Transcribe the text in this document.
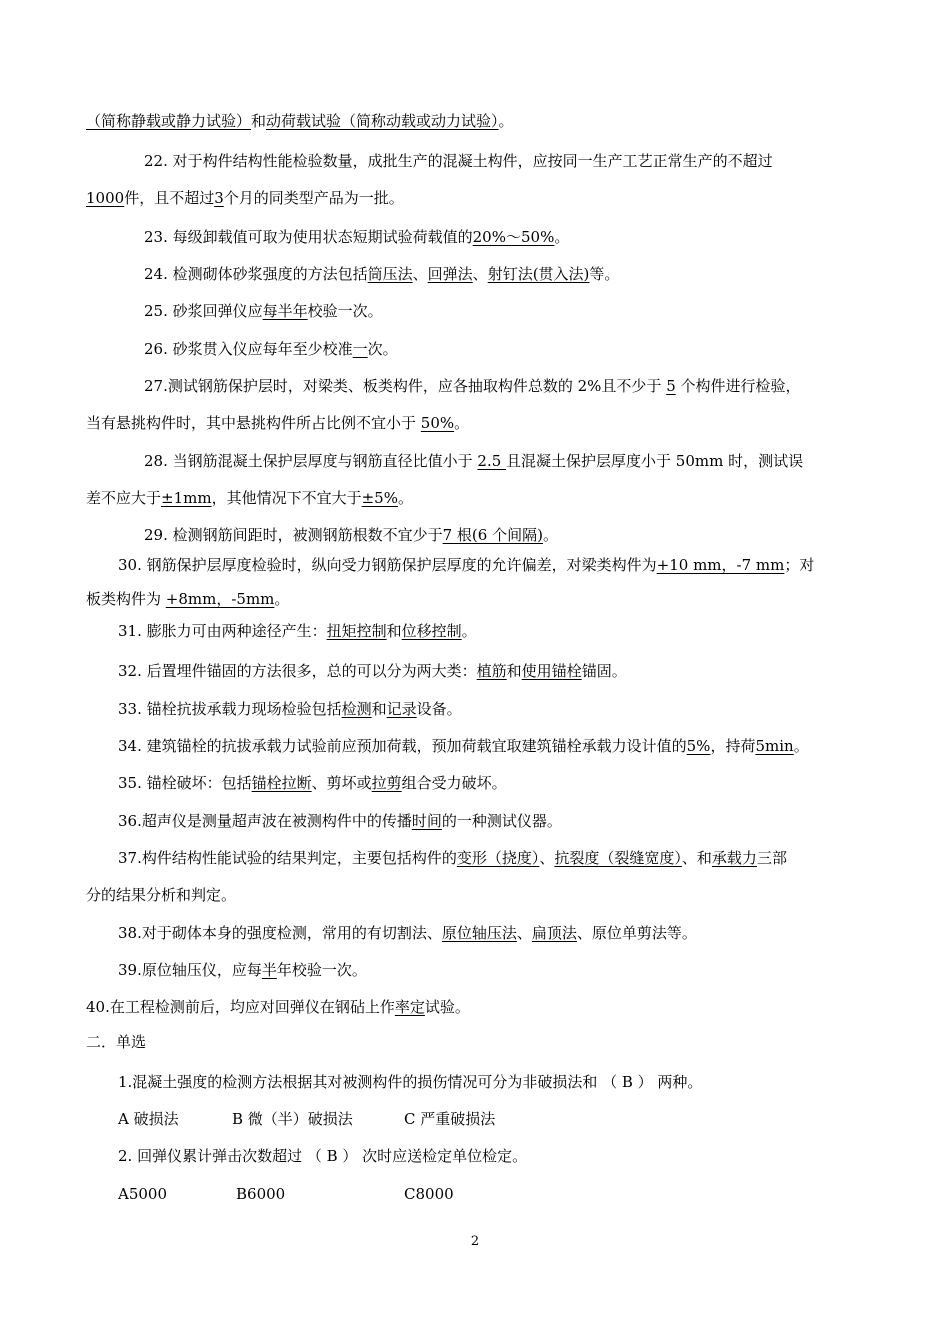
（简称静载或静力试验）和动荷载试验（简称动载或动力试验）。
22. 对于构件结构性能检验数量，成批生产的混凝土构件，应按同一生产工艺正常生产的不超过
1000件，且不超过3个月的同类型产品为一批。
23. 每级卸载值可取为使用状态短期试验荷载值的20%～50%。
24. 检测砌体砂浆强度的方法包括筒压法、回弹法、射钉法(贯入法)等。
25. 砂浆回弹仪应每半年校验一次。
26. 砂浆贯入仪应每年至少校准一次。
27.测试钢筋保护层时，对梁类、板类构件，应各抽取构件总数的 2%且不少于 5 个构件进行检验，
当有悬挑构件时，其中悬挑构件所占比例不宜小于 50%。
28. 当钢筋混凝土保护层厚度与钢筋直径比值小于 2.5 且混凝土保护层厚度小于 50mm 时，测试误
差不应大于±1mm，其他情况下不宜大于±5%。
29. 检测钢筋间距时，被测钢筋根数不宜少于7 根(6 个间隔)。
30. 钢筋保护层厚度检验时，纵向受力钢筋保护层厚度的允许偏差，对梁类构件为+10 mm，-7 mm；对
板类构件为 +8mm，-5mm。
31. 膨胀力可由两种途径产生：扭矩控制和位移控制。
32. 后置埋件锚固的方法很多，总的可以分为两大类：植筋和使用锚栓锚固。
33. 锚栓抗拔承载力现场检验包括检测和记录设备。
34. 建筑锚栓的抗拔承载力试验前应预加荷载，预加荷载宜取建筑锚栓承载力设计值的5%，持荷5min。
35. 锚栓破坏：包括锚栓拉断、剪坏或拉剪组合受力破坏。
36.超声仪是测量超声波在被测构件中的传播时间的一种测试仪器。
37.构件结构性能试验的结果判定，主要包括构件的变形（挠度）、抗裂度（裂缝宽度）、和承载力三部
分的结果分析和判定。
38.对于砌体本身的强度检测，常用的有切割法、原位轴压法、扁顶法、原位单剪法等。
39.原位轴压仪，应每半年校验一次。
40.在工程检测前后，均应对回弹仪在钢砧上作率定试验。
二．单选
1.混凝土强度的检测方法根据其对被测构件的损伤情况可分为非破损法和 （ B ） 两种。
2. 回弹仪累计弹击次数超过 （ B ） 次时应送检定单位检定。
A 破损法	B 微（半）破损法	C 严重破损法
A5000	B6000	C8000
2
